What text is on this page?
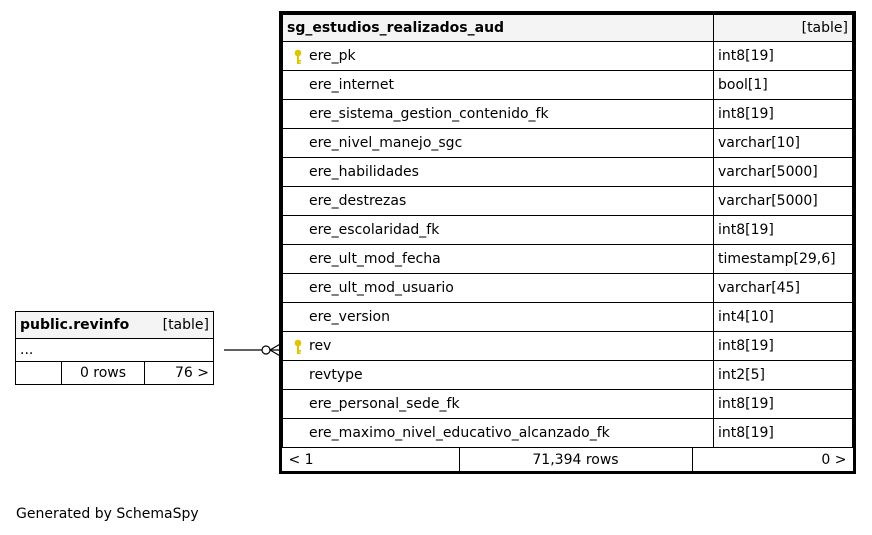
sg_estudios_realizados_aud	[table]

ere_pk	int8[19]
ere_internet	bool[1]
ere_sistema_gestion_contenido_fk	int8[19]
ere_nivel_manejo_sgc	varchar[10]
ere_habilidades	varchar[5000]
ere_destrezas	varchar[5000]
ere_escolaridad_fk	int8[19]
ere_ult_mod_fecha	timestamp[29,6]
ere_ult_mod_usuario	varchar[45]
ere_version	int4[10]

rev	int8[19]
revtype	int2[5]
ere_personal_sede_fk	int8[19]
ere_maximo_nivel_educativo_alcanzado_fk	int8[19]

< 1	71,394 rows	0 >
public.revinfo		[table]
...		
	0 rows	76 >
Generated by SchemaSpy
